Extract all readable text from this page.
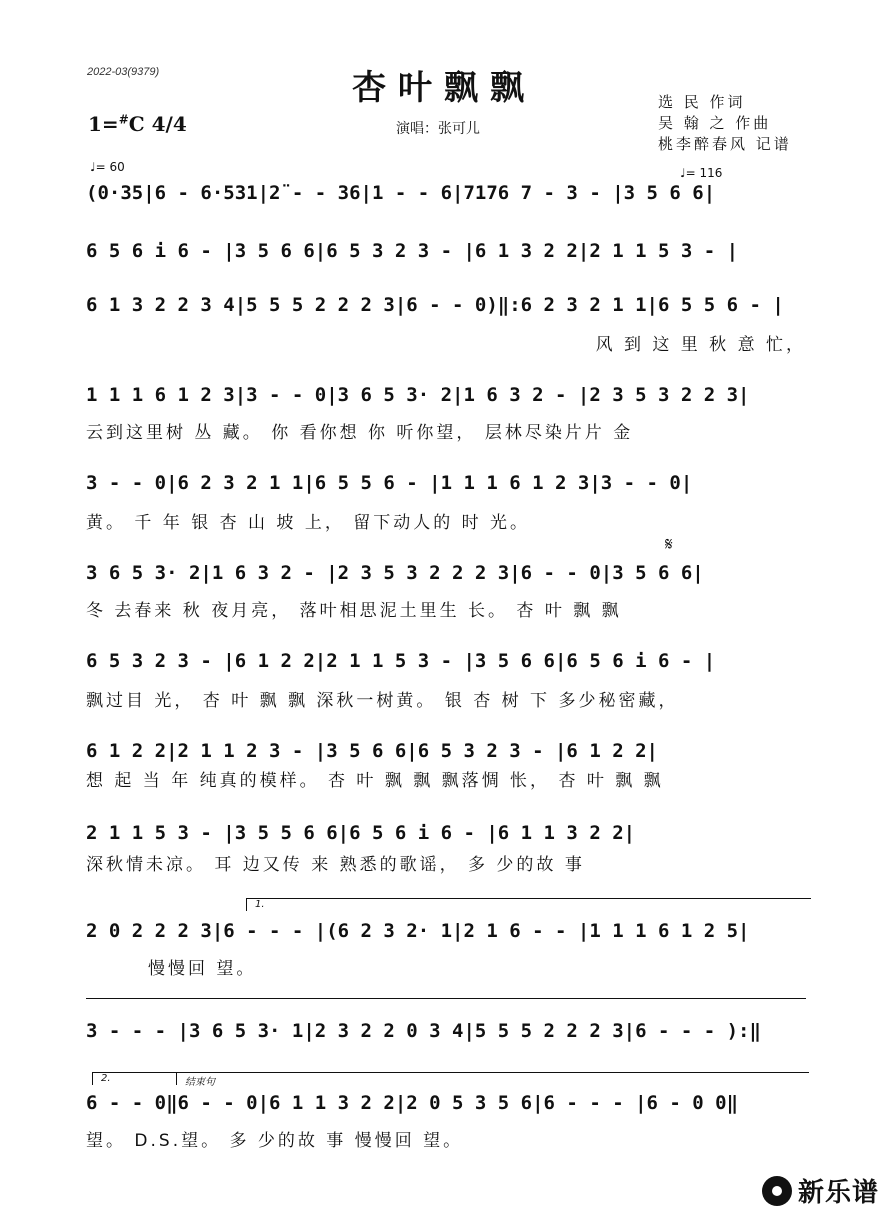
2022-03(9379)	杏叶飘飘
演唱：张可儿
选 民 作词
吴 翰 之 作曲
桃李醉春风 记谱
1=#C 4/4
♩= 60	♩= 116
(0·35|6 - 6·531|2̈ - - 36|1 - - 6|7176 7 - 3 - |3 5 6 6|
6 5 6 i 6 - |3 5 6 6|6 5 3 2 3 - |6 1 3 2 2|2 1 1 5 3 - |
6 1 3 2 2 3 4|5 5 5 2 2 2 3|6 - - 0)‖:6 2 3 2 1 1|6 5 5 6 - |
风 到 这 里 秋 意 忙，
1 1 1 6 1 2 3|3 - - 0|3 6 5 3· 2|1 6 3 2 - |2 3 5 3 2 2 3|
云到这里树 丛 藏。 你 看你想 你 听你望， 层林尽染片片 金
3 - - 0|6 2 3 2 1 1|6 5 5 6 - |1 1 1 6 1 2 3|3 - - 0|
黄。 千 年 银 杏 山 坡 上， 留下动人的 时 光。
𝄋
3 6 5 3· 2|1 6 3 2 - |2 3 5 3 2 2 2 3|6 - - 0|3 5 6 6|
冬 去春来 秋 夜月亮， 落叶相思泥土里生 长。 杏 叶 飘 飘
6 5 3 2 3 - |6 1 2 2|2 1 1 5 3 - |3 5 6 6|6 5 6 i 6 - |
飘过目 光， 杏 叶 飘 飘 深秋一树黄。 银 杏 树 下 多少秘密藏，
6 1 2 2|2 1 1 2 3 - |3 5 6 6|6 5 3 2 3 - |6 1 2 2|
想 起 当 年 纯真的模样。 杏 叶 飘 飘 飘落惆 怅， 杏 叶 飘 飘
2 1 1 5 3 - |3 5 5 6 6|6 5 6 i 6 - |6 1 1 3 2 2|
深秋情未凉。 耳 边又传 来 熟悉的歌谣， 多 少的故 事
1.
2 0 2 2 2 3|6 - - - |(6 2 3 2· 1|2 1 6 - - |1 1 1 6 1 2 5|
慢慢回 望。
3 - - - |3 6 5 3· 1|2 3 2 2 0 3 4|5 5 5 2 2 2 3|6 - - - ):‖
2.	结束句
6 - - 0‖6 - - 0|6 1 1 3 2 2|2 0 5 3 5 6|6 - - - |6 - 0 0‖
望。 D.S.望。 多 少的故 事 慢慢回 望。
新乐谱
